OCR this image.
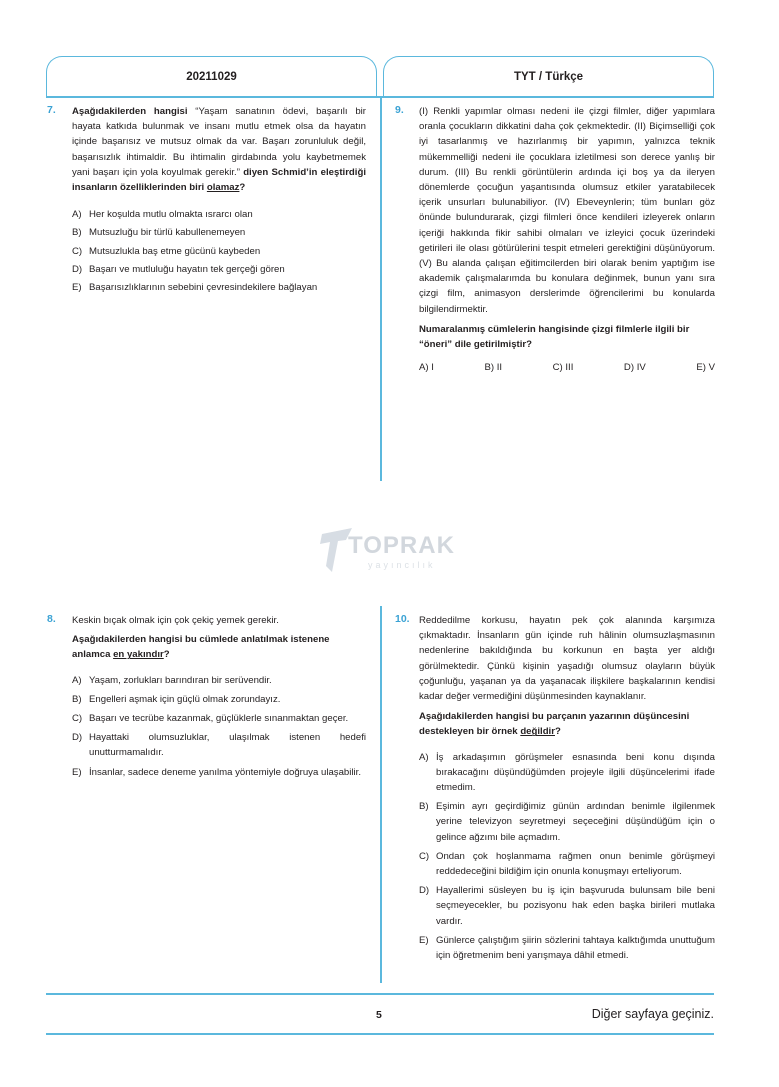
20211029	TYT / Türkçe
7. Aşağıdakilerden hangisi “Yaşam sanatının ödevi, başarılı bir hayata katkıda bulunmak ve insanı mutlu etmek olsa da hayatın içinde başarısız ve mutsuz olmak da var. Başarı zorunluluk değil, başarısızlık ihtimaldir. Bu ihtimalin girdabında yolu kaybetmemek yani başarı için yola koyulmak gerekir.” diyen Schmid’in eleştirdiği insanların özelliklerinden biri olamaz?

A) Her koşulda mutlu olmakta ısrarcı olan
B) Mutsuzluğu bir türlü kabullenemeyen
C) Mutsuzlukla baş etme gücünü kaybeden
D) Başarı ve mutluluğu hayatın tek gerçeği gören
E) Başarısızlıklarının sebebini çevresindekilere bağlayan
9. (I) Renkli yapımlar olması nedeni ile çizgi filmler, diğer yapımlara oranla çocukların dikkatini daha çok çekmektedir. (II) Biçimselliği çok iyi tasarlanmış ve hazırlanmış bir yapımın, yalnızca teknik mükemmelliği nedeni ile çocuklara izletilmesi son derece yanlış bir durum. (III) Bu renkli görüntülerin ardında içi boş ya da ileryen dönemlerde çocuğun yaşantısında olumsuz etkiler yaratabilecek içerik unsurları bulunabiliyor. (IV) Ebeveynlerin; tüm bunları göz önünde bulundurarak, çizgi filmleri önce kendileri izleyerek onların içeriği hakkında fikir sahibi olmaları ve izleyici çocuk üzerindeki getirileri ile olası götürülerini tespit etmeleri gerektiğini düşünüyorum. (V) Bu alanda çalışan eğitimcilerden biri olarak benim yaptığım ise akademik çalışmalarımda bu konulara değinmek, bunun yanı sıra çizgi film, animasyon derslerimde öğrencilerimi bu konularda bilgilendirmektir.

Numaralanmış cümlelerin hangisinde çizgi filmlerle ilgili bir “öneri” dile getirilmiştir?

A) I	B) II	C) III	D) IV	E) V
TOPRAK
yayıncılık
8. Keskin bıçak olmak için çok çekiç yemek gerekir.

Aşağıdakilerden hangisi bu cümlede anlatılmak istenene anlamca en yakındır?

A) Yaşam, zorlukları barındıran bir serüvendir.
B) Engelleri aşmak için güçlü olmak zorundayız.
C) Başarı ve tecrübe kazanmak, güçlüklerle sınanmaktan geçer.
D) Hayattaki olumsuzluklar, ulaşılmak istenen hedefi unutturmamalıdır.
E) İnsanlar, sadece deneme yanılma yöntemiyle doğruya ulaşabilir.
10. Reddedilme korkusu, hayatın pek çok alanında karşımıza çıkmaktadır. İnsanların gün içinde ruh hâlinin olumsuzlaşmasının nedenlerine bakıldığında bu korkunun en başta yer aldığı görülmektedir. Çünkü kişinin yaşadığı olumsuz olayların büyük çoğunluğu, yaşanan ya da yaşanacak ilişkilere başkalarının kendisi kadar değer vermediğini düşünmesinden kaynaklanır.

Aşağıdakilerden hangisi bu parçanın yazarının düşüncesini destekleyen bir örnek değildir?

A) İş arkadaşımın görüşmeler esnasında beni konu dışında bırakacağını düşündüğümden projeyle ilgili düşüncelerimi ifade etmedim.
B) Eşimin ayrı geçirdiğimiz günün ardından benimle ilgilenmek yerine televizyon seyretmeyi seçeceğini düşündüğüm için o gelince ağzımı bile açmadım.
C) Ondan çok hoşlanmama rağmen onun benimle görüşmeyi reddedeceğini bildiğim için onunla konuşmayı erteliyorum.
D) Hayallerimi süsleyen bu iş için başvuruda bulunsam bile beni seçmeyecekler, bu pozisyonu hak eden başka birileri mutlaka vardır.
E) Günlerce çalıştığım şiirin sözlerini tahtaya kalktığımda unuttuğum için öğretmenim beni yarışmaya dâhil etmedi.
5	Diğer sayfaya geçiniz.
